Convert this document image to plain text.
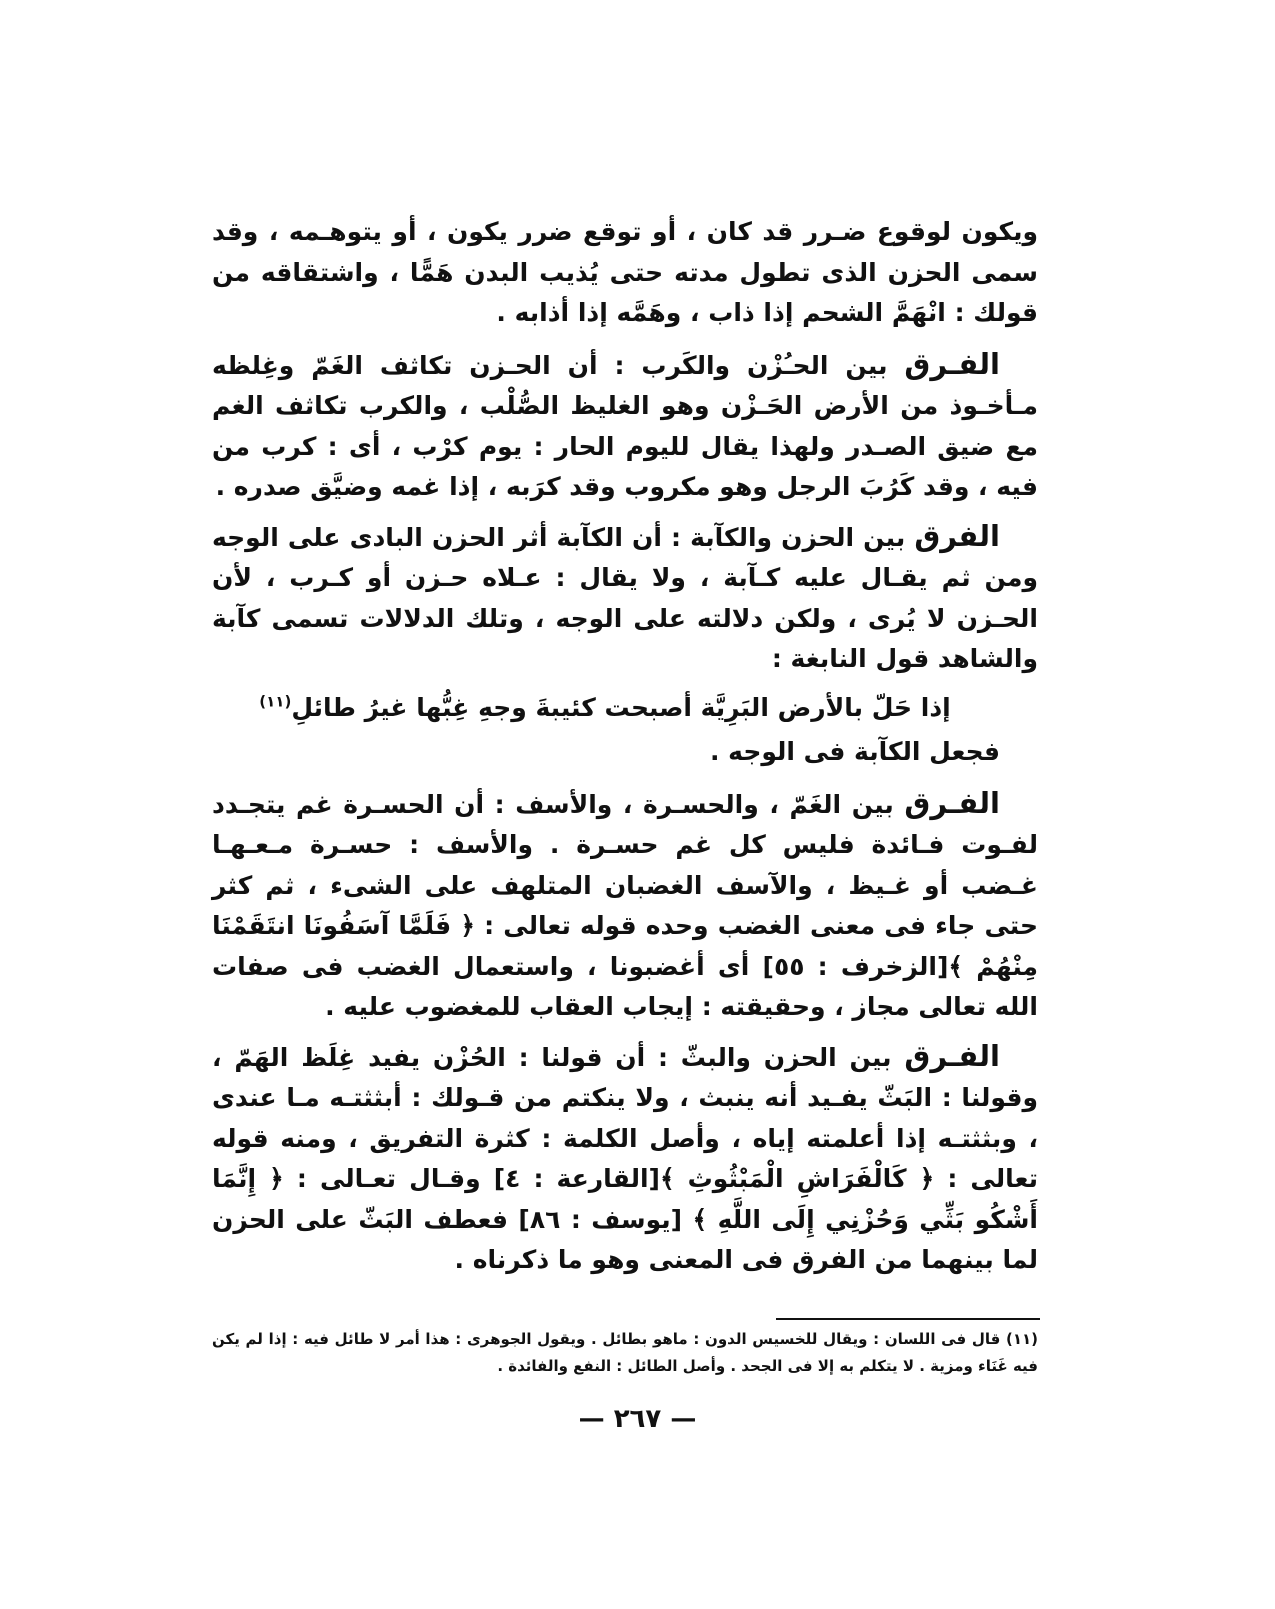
ويكون لوقوع ضـرر قد كان ، أو توقع ضرر يكون ، أو يتوهـمه ، وقد سمى الحزن الذى تطول مدته حتى يُذيب البدن هَمًّا ، واشتقاقه من قولك : انْهَمَّ الشحم إذا ذاب ، وهَمَّه إذا أذابه .

الفـرق بين الحـُزْن والكَرب : أن الحـزن تكاثف الغَمّ وغِلظه مـأخـوذ من الأرض الحَـزْن وهو الغليظ الصُّلْب ، والكرب تكاثف الغم مع ضيق الصـدر ولهذا يقال لليوم الحار : يوم كرْب ، أى : كرب من فيه ، وقد كَرُبَ الرجل وهو مكروب وقد كرَبه ، إذا غمه وضيَّق صدره .

الفرق بين الحزن والكآبة : أن الكآبة أثر الحزن البادى على الوجه ومن ثم يقـال عليه كـآبة ، ولا يقال : عـلاه حـزن أو كـرب ، لأن الحـزن لا يُرى ، ولكن دلالته على الوجه ، وتلك الدلالات تسمى كآبة والشاهد قول النابغة :

إذا حَلّ بالأرض البَرِيَّة أصبحت كئيبةَ وجهِ غِبُّها غيرُ طائلِ$^{(١١)}$

فجعل الكآبة فى الوجه .

الفـرق بين الغَمّ ، والحسـرة ، والأسف : أن الحسـرة غم يتجـدد لفـوت فـائدة فليس كل غم حسـرة . والأسف : حسـرة مـعـهـا غـضب أو غـيظ ، والآسف الغضبان المتلهف على الشىء ، ثم كثر حتى جاء فى معنى الغضب وحده قوله تعالى : ﴿ فَلَمَّا آسَفُونَا انتَقَمْنَا مِنْهُمْ ﴾[الزخرف : ٥٥] أى أغضبونا ، واستعمال الغضب فى صفات الله تعالى مجاز ، وحقيقته : إيجاب العقاب للمغضوب عليه .

الفـرق بين الحزن والبثّ : أن قولنا : الحُزْن يفيد غِلَظ الهَمّ ، وقولنا : البَثّ يفـيد أنه ينبث ، ولا ينكتم من قـولك : أبثثتـه مـا عندى ، وبثثتـه إذا أعلمته إياه ، وأصل الكلمة : كثرة التفريق ، ومنه قوله تعالى : ﴿ كَالْفَرَاشِ الْمَبْثُوثِ ﴾[القارعة : ٤] وقـال تعـالى : ﴿ إِنَّمَا أَشْكُو بَثِّي وَحُزْنِي إِلَى اللَّهِ ﴾ [يوسف : ٨٦] فعطف البَثّ على الحزن لما بينهما من الفرق فى المعنى وهو ما ذكرناه .

(١١) قال فى اللسان : ويقال للخسيس الدون : ماهو بطائل . ويقول الجوهرى : هذا أمر لا طائل فيه : إذا لم يكن فيه غَنَاء ومزية . لا يتكلم به إلا فى الجحد . وأصل الطائل : النفع والفائدة .
— ٢٦٧ —
